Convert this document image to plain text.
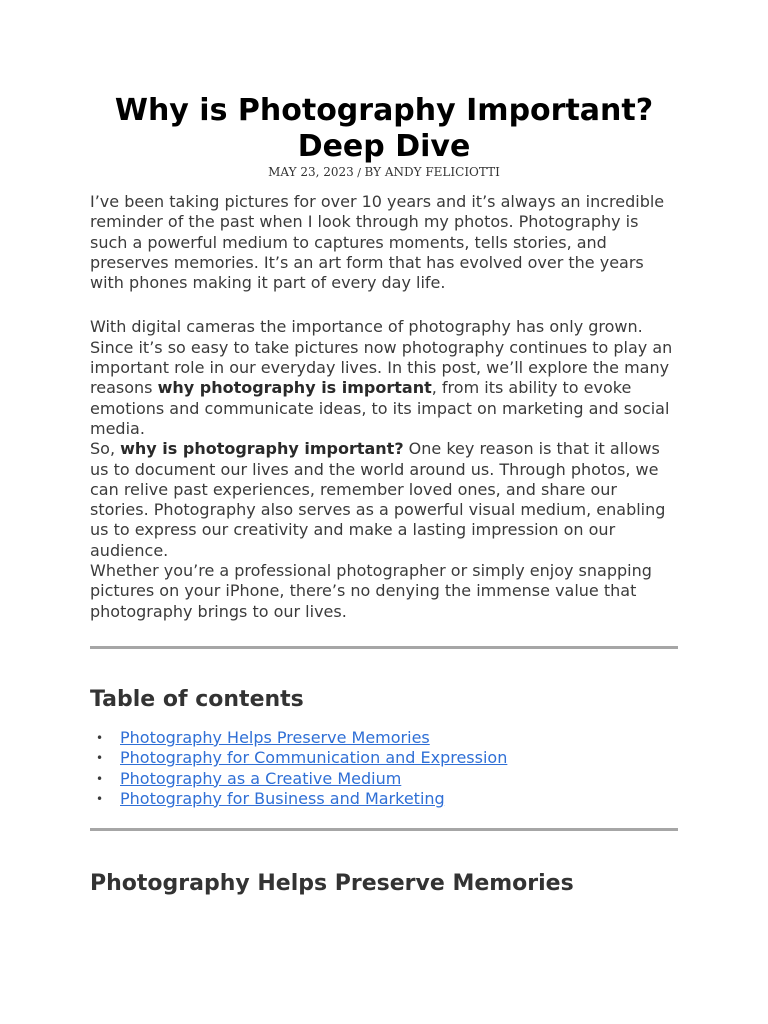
Why is Photography Important? Deep Dive

MAY 23, 2023 / BY ANDY FELICIOTTI

I’ve been taking pictures for over 10 years and it’s always an incredible reminder of the past when I look through my photos. Photography is such a powerful medium to captures moments, tells stories, and preserves memories. It’s an art form that has evolved over the years with phones making it part of every day life.

With digital cameras the importance of photography has only grown. Since it’s so easy to take pictures now photography continues to play an important role in our everyday lives. In this post, we’ll explore the many reasons why photography is important, from its ability to evoke emotions and communicate ideas, to its impact on marketing and social media.

So, why is photography important? One key reason is that it allows us to document our lives and the world around us. Through photos, we can relive past experiences, remember loved ones, and share our stories. Photography also serves as a powerful visual medium, enabling us to express our creativity and make a lasting impression on our audience.

Whether you’re a professional photographer or simply enjoy snapping pictures on your iPhone, there’s no denying the immense value that photography brings to our lives.

Table of contents
• Photography Helps Preserve Memories
• Photography for Communication and Expression
• Photography as a Creative Medium
• Photography for Business and Marketing
Photography Helps Preserve Memories
